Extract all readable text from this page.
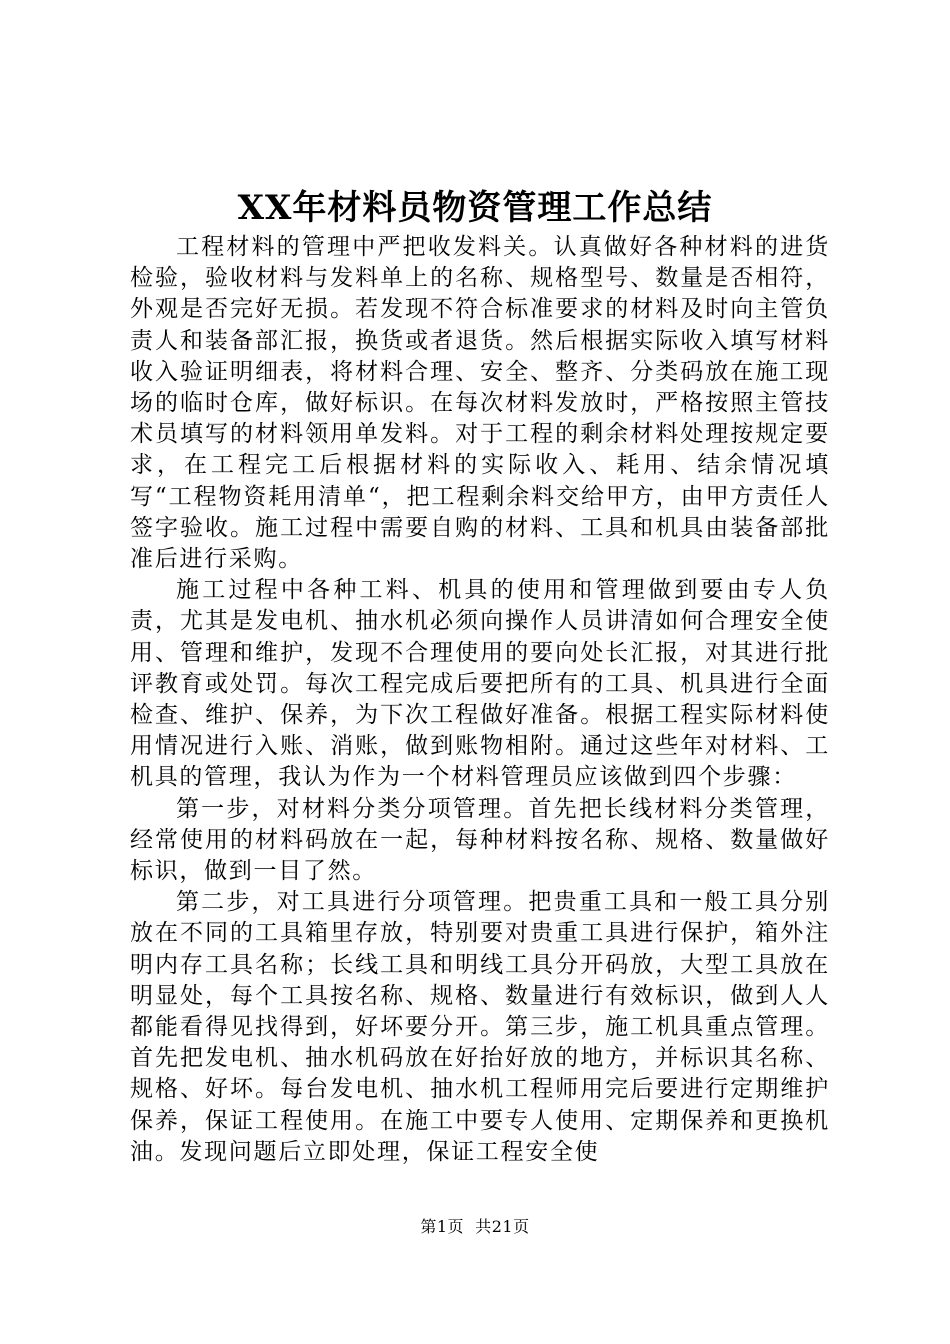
XX年材料员物资管理工作总结

工程材料的管理中严把收发料关。认真做好各种材料的进货检验，验收材料与发料单上的名称、规格型号、数量是否相符，外观是否完好无损。若发现不符合标准要求的材料及时向主管负责人和装备部汇报，换货或者退货。然后根据实际收入填写材料收入验证明细表，将材料合理、安全、整齐、分类码放在施工现场的临时仓库，做好标识。在每次材料发放时，严格按照主管技术员填写的材料领用单发料。对于工程的剩余材料处理按规定要求，在工程完工后根据材料的实际收入、耗用、结余情况填写“工程物资耗用清单“，把工程剩余料交给甲方，由甲方责任人签字验收。施工过程中需要自购的材料、工具和机具由装备部批准后进行采购。

施工过程中各种工料、机具的使用和管理做到要由专人负责，尤其是发电机、抽水机必须向操作人员讲清如何合理安全使用、管理和维护，发现不合理使用的要向处长汇报，对其进行批评教育或处罚。每次工程完成后要把所有的工具、机具进行全面检查、维护、保养，为下次工程做好准备。根据工程实际材料使用情况进行入账、消账，做到账物相附。通过这些年对材料、工机具的管理，我认为作为一个材料管理员应该做到四个步骤：

第一步，对材料分类分项管理。首先把长线材料分类管理，经常使用的材料码放在一起，每种材料按名称、规格、数量做好标识，做到一目了然。

第二步，对工具进行分项管理。把贵重工具和一般工具分别放在不同的工具箱里存放，特别要对贵重工具进行保护，箱外注明内存工具名称；长线工具和明线工具分开码放，大型工具放在明显处，每个工具按名称、规格、数量进行有效标识，做到人人都能看得见找得到，好坏要分开。第三步，施工机具重点管理。首先把发电机、抽水机码放在好抬好放的地方，并标识其名称、规格、好坏。每台发电机、抽水机工程师用完后要进行定期维护保养，保证工程使用。在施工中要专人使用、定期保养和更换机油。发现问题后立即处理，保证工程安全使

第1页 共21页
